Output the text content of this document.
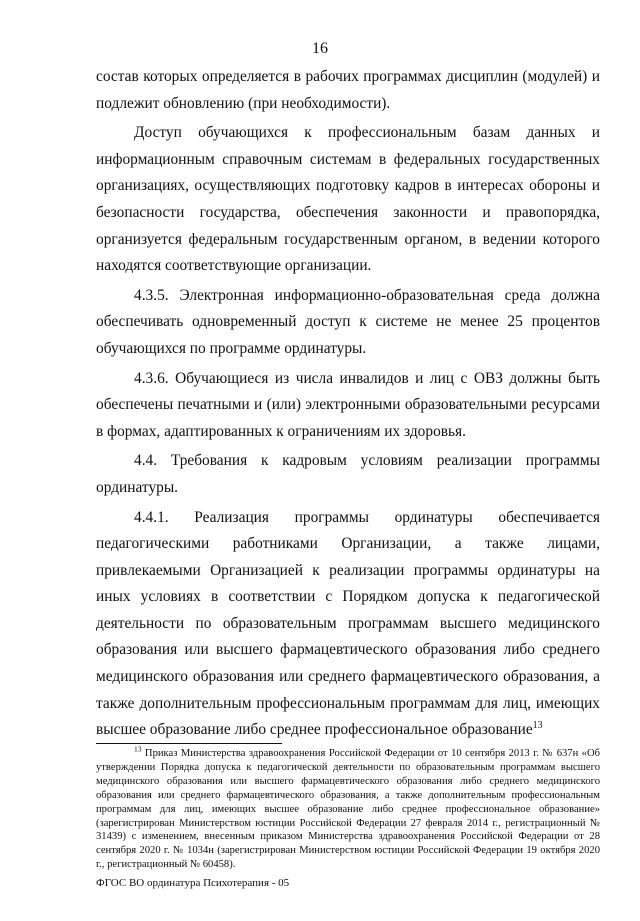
16

состав которых определяется в рабочих программах дисциплин (модулей) и подлежит обновлению (при необходимости).

Доступ обучающихся к профессиональным базам данных и информационным справочным системам в федеральных государственных организациях, осуществляющих подготовку кадров в интересах обороны и безопасности государства, обеспечения законности и правопорядка, организуется федеральным государственным органом, в ведении которого находятся соответствующие организации.

4.3.5. Электронная информационно-образовательная среда должна обеспечивать одновременный доступ к системе не менее 25 процентов обучающихся по программе ординатуры.

4.3.6. Обучающиеся из числа инвалидов и лиц с ОВЗ должны быть обеспечены печатными и (или) электронными образовательными ресурсами в формах, адаптированных к ограничениям их здоровья.

4.4. Требования к кадровым условиям реализации программы ординатуры.

4.4.1. Реализация программы ординатуры обеспечивается педагогическими работниками Организации, а также лицами, привлекаемыми Организацией к реализации программы ординатуры на иных условиях в соответствии с Порядком допуска к педагогической деятельности по образовательным программам высшего медицинского образования или высшего фармацевтического образования либо среднего медицинского образования или среднего фармацевтического образования, а также дополнительным профессиональным программам для лиц, имеющих высшее образование либо среднее профессиональное образование$^{13}$

$^{13}$ Приказ Министерства здравоохранения Российской Федерации от 10 сентября 2013 г. № 637н «Об утверждении Порядка допуска к педагогической деятельности по образовательным программам высшего медицинского образования или высшего фармацевтического образования либо среднего медицинского образования или среднего фармацевтического образования, а также дополнительным профессиональным программам для лиц, имеющих высшее образование либо среднее профессиональное образование» (зарегистрирован Министерством юстиции Российской Федерации 27 февраля 2014 г., регистрационный № 31439) с изменением, внесенным приказом Министерства здравоохранения Российской Федерации от 28 сентября 2020 г. № 1034н (зарегистрирован Министерством юстиции Российской Федерации 19 октября 2020 г., регистрационный № 60458).

ФГОС ВО ординатура Психотерапия - 05
